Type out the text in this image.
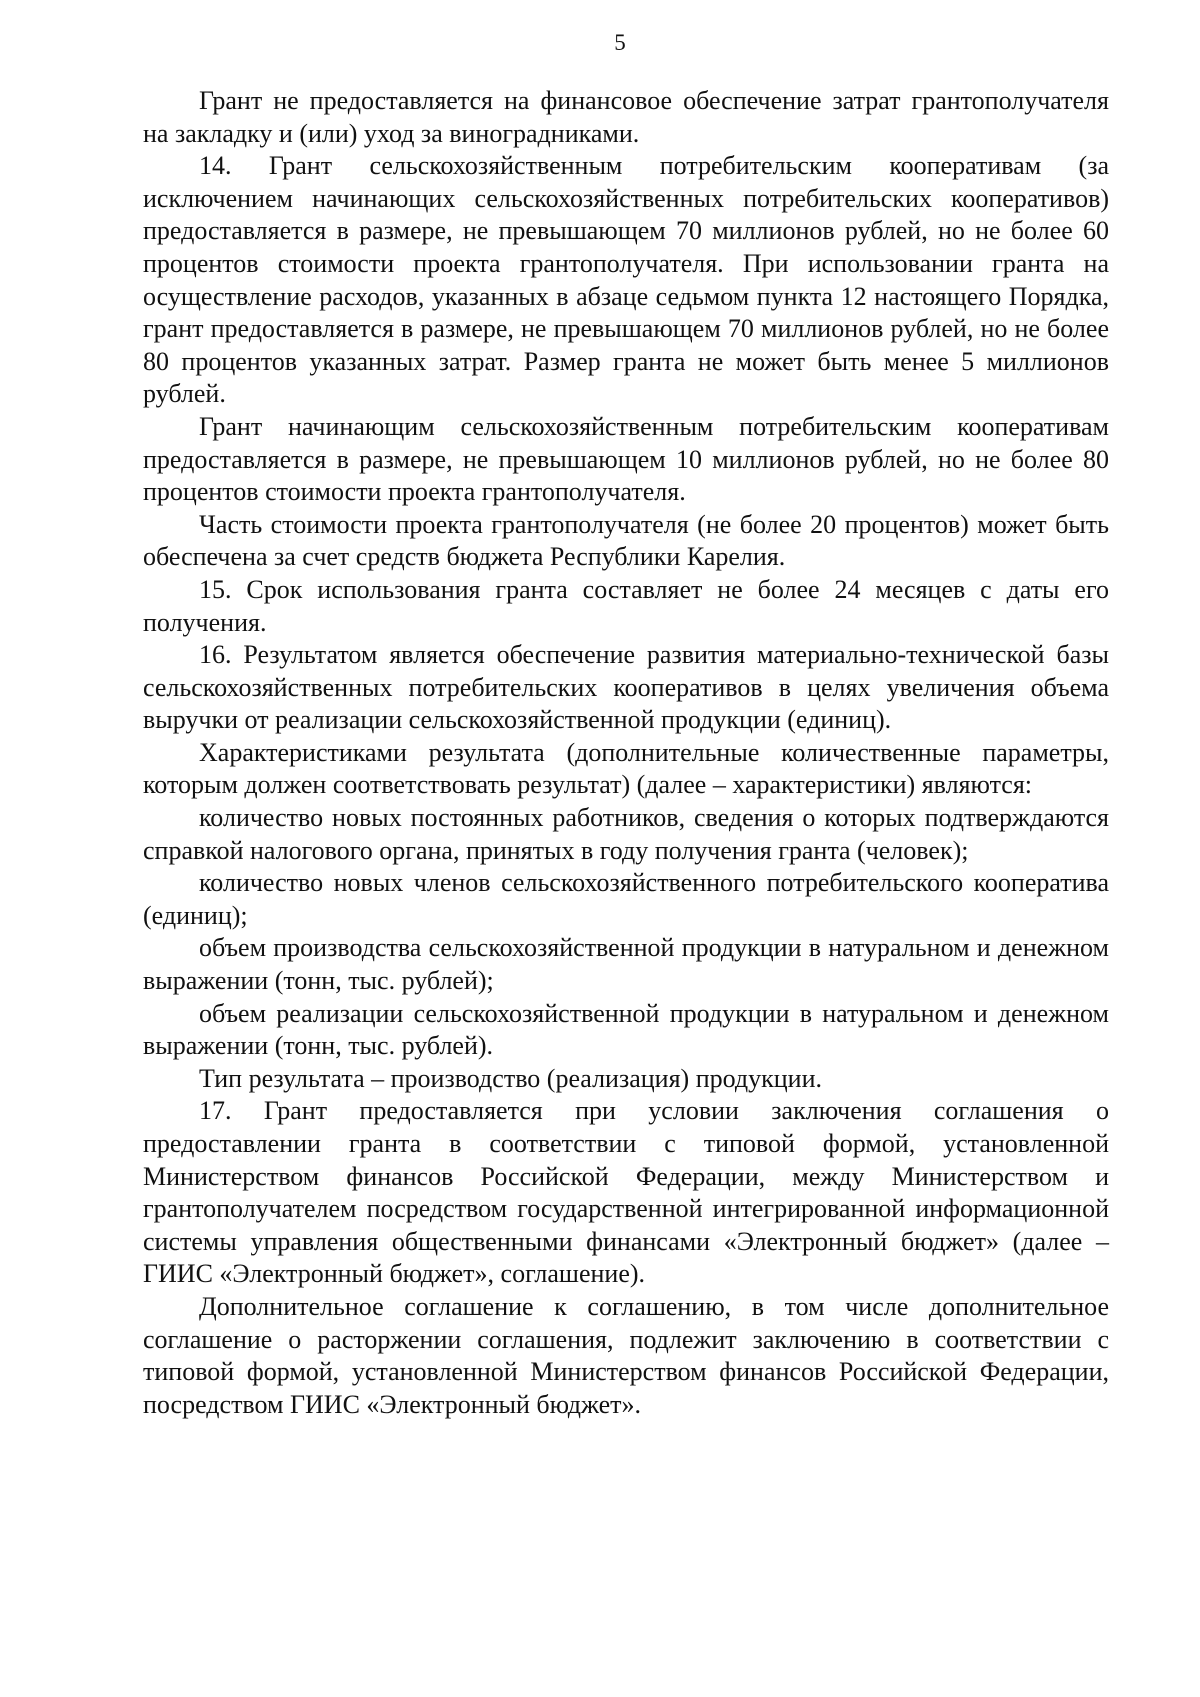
5

Грант не предоставляется на финансовое обеспечение затрат грантополучателя на закладку и (или) уход за виноградниками.

14. Грант сельскохозяйственным потребительским кооперативам (за исключением начинающих сельскохозяйственных потребительских кооперативов) предоставляется в размере, не превышающем 70 миллионов рублей, но не более 60 процентов стоимости проекта грантополучателя. При использовании гранта на осуществление расходов, указанных в абзаце седьмом пункта 12 настоящего Порядка, грант предоставляется в размере, не превышающем 70 миллионов рублей, но не более 80 процентов указанных затрат. Размер гранта не может быть менее 5 миллионов рублей.

Грант начинающим сельскохозяйственным потребительским кооперативам предоставляется в размере, не превышающем 10 миллионов рублей, но не более 80 процентов стоимости проекта грантополучателя.

Часть стоимости проекта грантополучателя (не более 20 процентов) может быть обеспечена за счет средств бюджета Республики Карелия.

15. Срок использования гранта составляет не более 24 месяцев с даты его получения.

16. Результатом является обеспечение развития материально-технической базы сельскохозяйственных потребительских кооперативов в целях увеличения объема выручки от реализации сельскохозяйственной продукции (единиц).

Характеристиками результата (дополнительные количественные параметры, которым должен соответствовать результат) (далее – характеристики) являются:

количество новых постоянных работников, сведения о которых подтверждаются справкой налогового органа, принятых в году получения гранта (человек);

количество новых членов сельскохозяйственного потребительского кооператива (единиц);

объем производства сельскохозяйственной продукции в натуральном и денежном выражении (тонн, тыс. рублей);

объем реализации сельскохозяйственной продукции в натуральном и денежном выражении (тонн, тыс. рублей).

Тип результата – производство (реализация) продукции.

17. Грант предоставляется при условии заключения соглашения о предоставлении гранта в соответствии с типовой формой, установленной Министерством финансов Российской Федерации, между Министерством и грантополучателем посредством государственной интегрированной информационной системы управления общественными финансами «Электронный бюджет» (далее – ГИИС «Электронный бюджет», соглашение).

Дополнительное соглашение к соглашению, в том числе дополнительное соглашение о расторжении соглашения, подлежит заключению в соответствии с типовой формой, установленной Министерством финансов Российской Федерации, посредством ГИИС «Электронный бюджет».
